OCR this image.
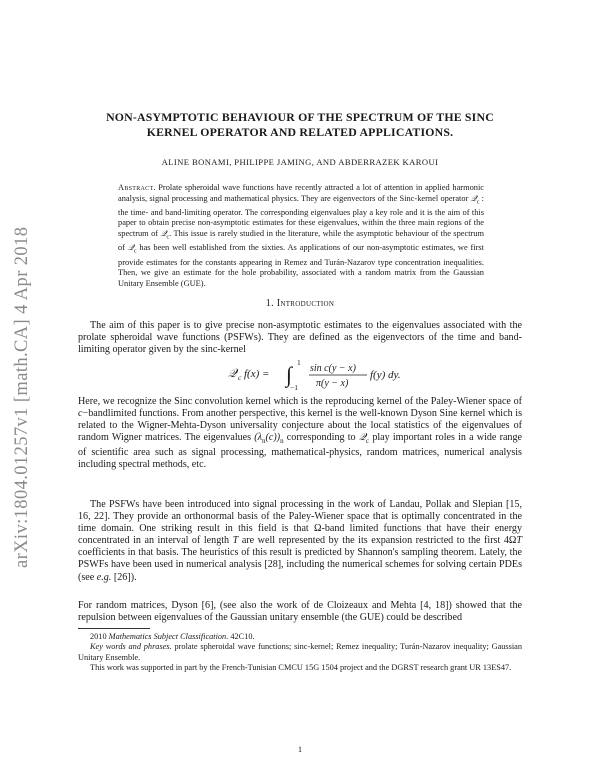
arXiv:1804.01257v1 [math.CA] 4 Apr 2018
NON-ASYMPTOTIC BEHAVIOUR OF THE SPECTRUM OF THE SINC
KERNEL OPERATOR AND RELATED APPLICATIONS.
ALINE BONAMI, PHILIPPE JAMING, AND ABDERRAZEK KAROUI
Abstract. Prolate spheroidal wave functions have recently attracted a lot of attention in applied harmonic analysis, signal processing and mathematical physics. They are eigenvectors of the Sinc-kernel operator 𝒬$_c$ : the time- and band-limiting operator. The corresponding eigenvalues play a key role and it is the aim of this paper to obtain precise non-asymptotic estimates for these eigenvalues, within the three main regions of the spectrum of 𝒬$_c$. This issue is rarely studied in the literature, while the asymptotic behaviour of the spectrum of 𝒬$_c$ has been well established from the sixties. As applications of our non-asymptotic estimates, we first provide estimates for the constants appearing in Remez and Turán-Nazarov type concentration inequalities. Then, we give an estimate for the hole probability, associated with a random matrix from the Gaussian Unitary Ensemble (GUE).
1. Introduction
The aim of this paper is to give precise non-asymptotic estimates to the eigenvalues associated with the prolate spheroidal wave functions (PSFWs). They are defined as the eigenvectors of the time and band-limiting operator given by the sinc-kernel
𝒬 c f(x) = ∫ 1
−1
sin c(y − x)
π(y − x)
f(y) dy.
Here, we recognize the Sinc convolution kernel which is the reproducing kernel of the Paley-Wiener space of c−bandlimited functions. From another perspective, this kernel is the well-known Dyson Sine kernel which is related to the Wigner-Mehta-Dyson universality conjecture about the local statistics of the eigenvalues of random Wigner matrices. The eigenvalues $(\lambda_n(c))_n$ corresponding to 𝒬$_c$ play important roles in a wide range of scientific area such as signal processing, mathematical-physics, random matrices, numerical analysis including spectral methods, etc.
The PSFWs have been introduced into signal processing in the work of Landau, Pollak and Slepian [15, 16, 22]. They provide an orthonormal basis of the Paley-Wiener space that is optimally concentrated in the time domain. One striking result in this field is that Ω-band limited functions that have their energy concentrated in an interval of length T are well represented by the its expansion restricted to the first 4ΩT coefficients in that basis. The heuristics of this result is predicted by Shannon's sampling theorem. Lately, the PSWFs have been used in numerical analysis [28], including the numerical schemes for solving certain PDEs (see e.g. [26]).
For random matrices, Dyson [6], (see also the work of de Cloizeaux and Mehta [4, 18]) showed that the repulsion between eigenvalues of the Gaussian unitary ensemble (the GUE) could be described

2010 Mathematics Subject Classification. 42C10.

Key words and phrases. prolate spheroidal wave functions; sinc-kernel; Remez inequality; Turán-Nazarov inequality; Gaussian Unitary Ensemble.

This work was supported in part by the French-Tunisian CMCU 15G 1504 project and the DGRST research grant UR 13ES47.

1
